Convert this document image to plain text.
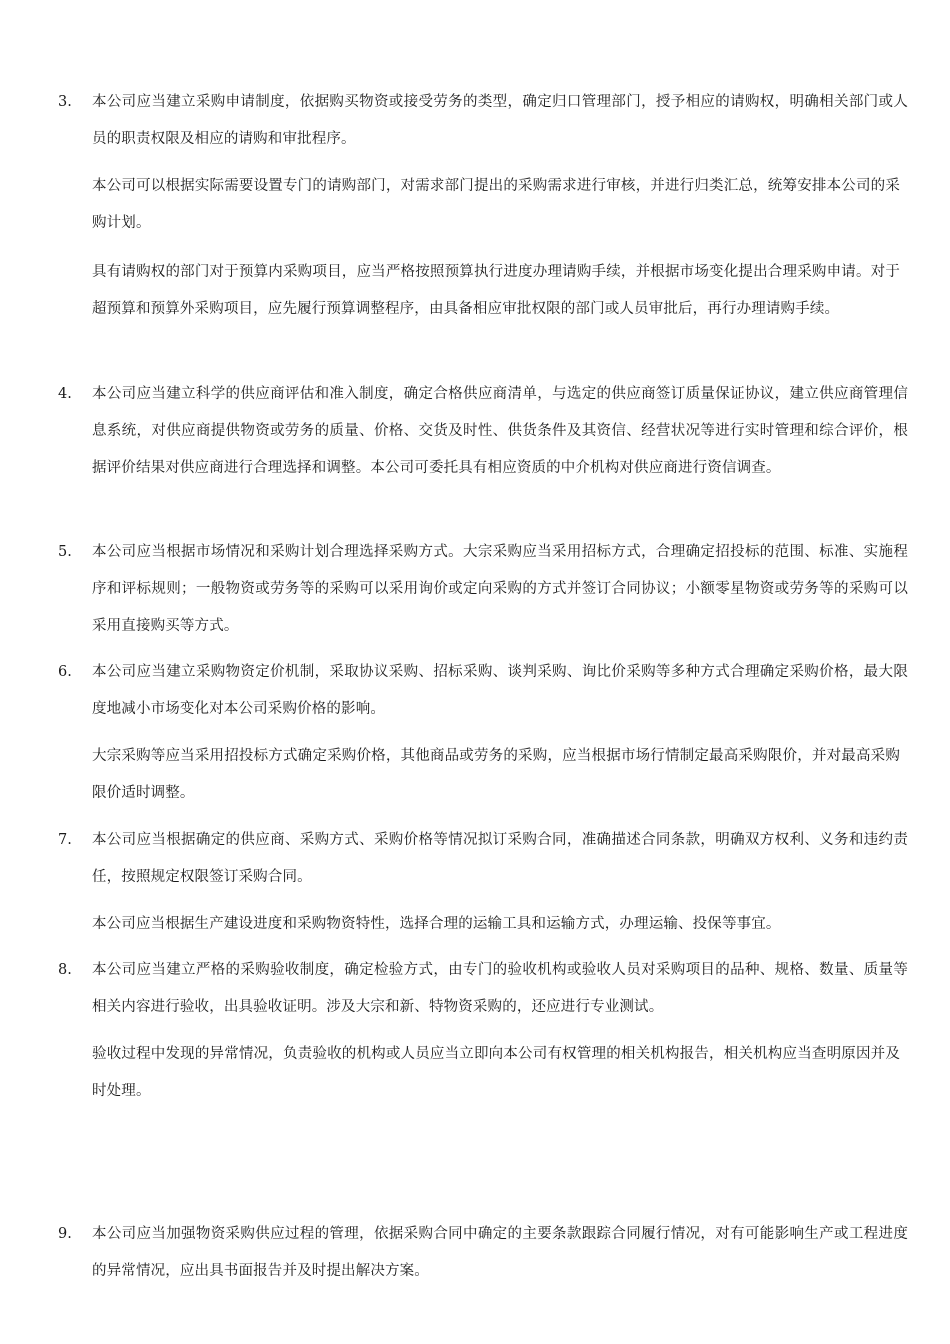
3.	本公司应当建立采购申请制度，依据购买物资或接受劳务的类型，确定归口管理部门，授予相应的请购权，明确相关部门或人员的职责权限及相应的请购和审批程序。

本公司可以根据实际需要设置专门的请购部门，对需求部门提出的采购需求进行审核，并进行归类汇总，统筹安排本公司的采购计划。

具有请购权的部门对于预算内采购项目，应当严格按照预算执行进度办理请购手续，并根据市场变化提出合理采购申请。对于超预算和预算外采购项目，应先履行预算调整程序，由具备相应审批权限的部门或人员审批后，再行办理请购手续。

4.	本公司应当建立科学的供应商评估和准入制度，确定合格供应商清单，与选定的供应商签订质量保证协议，建立供应商管理信息系统，对供应商提供物资或劳务的质量、价格、交货及时性、供货条件及其资信、经营状况等进行实时管理和综合评价，根据评价结果对供应商进行合理选择和调整。本公司可委托具有相应资质的中介机构对供应商进行资信调查。

5.	本公司应当根据市场情况和采购计划合理选择采购方式。大宗采购应当采用招标方式，合理确定招投标的范围、标准、实施程序和评标规则；一般物资或劳务等的采购可以采用询价或定向采购的方式并签订合同协议；小额零星物资或劳务等的采购可以采用直接购买等方式。

6.	本公司应当建立采购物资定价机制，采取协议采购、招标采购、谈判采购、询比价采购等多种方式合理确定采购价格，最大限度地减小市场变化对本公司采购价格的影响。

大宗采购等应当采用招投标方式确定采购价格，其他商品或劳务的采购，应当根据市场行情制定最高采购限价，并对最高采购限价适时调整。

7.	本公司应当根据确定的供应商、采购方式、采购价格等情况拟订采购合同，准确描述合同条款，明确双方权利、义务和违约责任，按照规定权限签订采购合同。

本公司应当根据生产建设进度和采购物资特性，选择合理的运输工具和运输方式，办理运输、投保等事宜。

8.	本公司应当建立严格的采购验收制度，确定检验方式，由专门的验收机构或验收人员对采购项目的品种、规格、数量、质量等相关内容进行验收，出具验收证明。涉及大宗和新、特物资采购的，还应进行专业测试。

验收过程中发现的异常情况，负责验收的机构或人员应当立即向本公司有权管理的相关机构报告，相关机构应当查明原因并及时处理。

9.	本公司应当加强物资采购供应过程的管理，依据采购合同中确定的主要条款跟踪合同履行情况，对有可能影响生产或工程进度的异常情况，应出具书面报告并及时提出解决方案。
